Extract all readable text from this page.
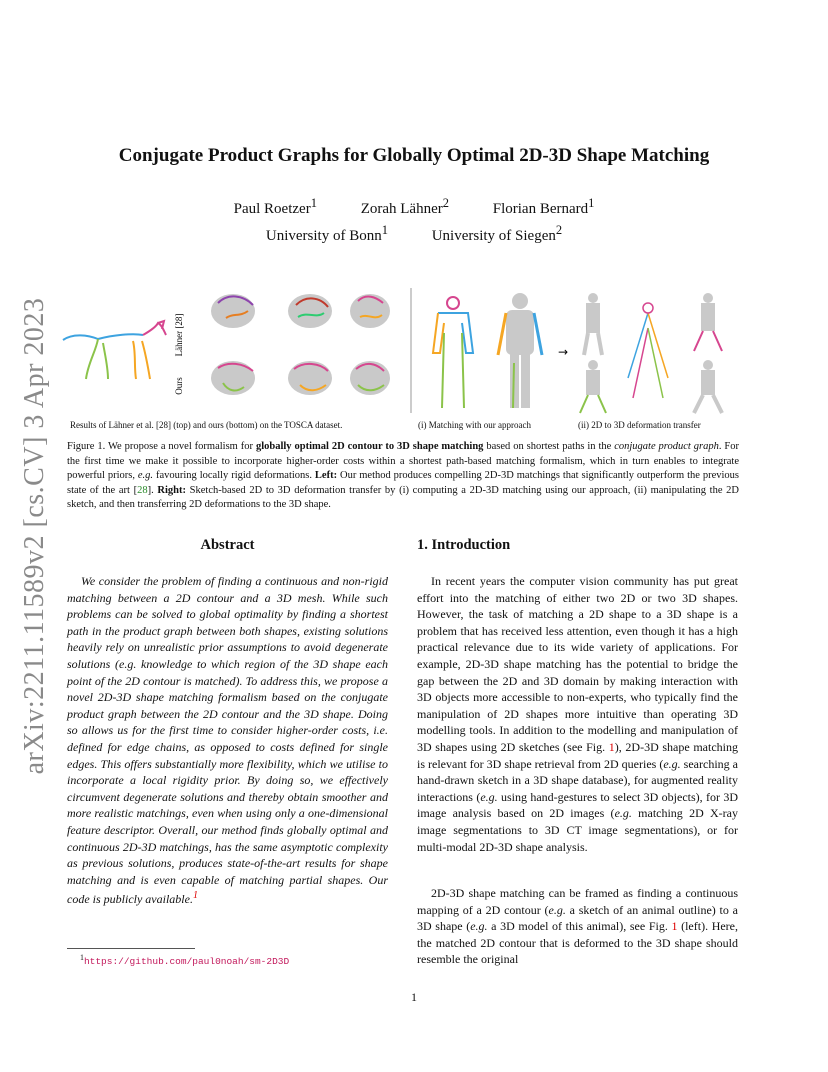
arXiv:2211.11589v2 [cs.CV] 3 Apr 2023
Conjugate Product Graphs for Globally Optimal 2D-3D Shape Matching
Paul Roetzer$^1$	Zorah Lähner$^2$	Florian Bernard$^1$
University of Bonn$^1$	University of Siegen$^2$
Lähner [28]
Ours
→
Results of Lähner et al. [28] (top) and ours (bottom) on the TOSCA dataset.	(i) Matching with our approach	(ii) 2D to 3D deformation transfer
Figure 1. We propose a novel formalism for globally optimal 2D contour to 3D shape matching based on shortest paths in the conjugate product graph. For the first time we make it possible to incorporate higher-order costs within a shortest path-based matching formalism, which in turn enables to integrate powerful priors, e.g. favouring locally rigid deformations. Left: Our method produces compelling 2D-3D matchings that significantly outperform the previous state of the art [28]. Right: Sketch-based 2D to 3D deformation transfer by (i) computing a 2D-3D matching using our approach, (ii) manipulating the 2D sketch, and then transferring 2D deformations to the 3D shape.
Abstract
We consider the problem of finding a continuous and non-rigid matching between a 2D contour and a 3D mesh. While such problems can be solved to global optimality by finding a shortest path in the product graph between both shapes, existing solutions heavily rely on unrealistic prior assumptions to avoid degenerate solutions (e.g. knowledge to which region of the 3D shape each point of the 2D contour is matched). To address this, we propose a novel 2D-3D shape matching formalism based on the conjugate product graph between the 2D contour and the 3D shape. Doing so allows us for the first time to consider higher-order costs, i.e. defined for edge chains, as opposed to costs defined for single edges. This offers substantially more flexibility, which we utilise to incorporate a local rigidity prior. By doing so, we effectively circumvent degenerate solutions and thereby obtain smoother and more realistic matchings, even when using only a one-dimensional feature descriptor. Overall, our method finds globally optimal and continuous 2D-3D matchings, has the same asymptotic complexity as previous solutions, produces state-of-the-art results for shape matching and is even capable of matching partial shapes. Our code is publicly available.$^1$
1. Introduction
In recent years the computer vision community has put great effort into the matching of either two 2D or two 3D shapes. However, the task of matching a 2D shape to a 3D shape is a problem that has received less attention, even though it has a high practical relevance due to its wide variety of applications. For example, 2D-3D shape matching has the potential to bridge the gap between the 2D and 3D domain by making interaction with 3D objects more accessible to non-experts, who typically find the manipulation of 2D shapes more intuitive than operating 3D modelling tools. In addition to the modelling and manipulation of 3D shapes using 2D sketches (see Fig. 1), 2D-3D shape matching is relevant for 3D shape retrieval from 2D queries (e.g. searching a hand-drawn sketch in a 3D shape database), for augmented reality interactions (e.g. using hand-gestures to select 3D objects), for 3D image analysis based on 2D images (e.g. matching 2D X-ray image segmentations to 3D CT image segmentations), or for multi-modal 2D-3D shape analysis.
2D-3D shape matching can be framed as finding a continuous mapping of a 2D contour (e.g. a sketch of an animal outline) to a 3D shape (e.g. a 3D model of this animal), see Fig. 1 (left). Here, the matched 2D contour that is deformed to the 3D shape should resemble the original
$^1$https://github.com/paul0noah/sm-2D3D
1
